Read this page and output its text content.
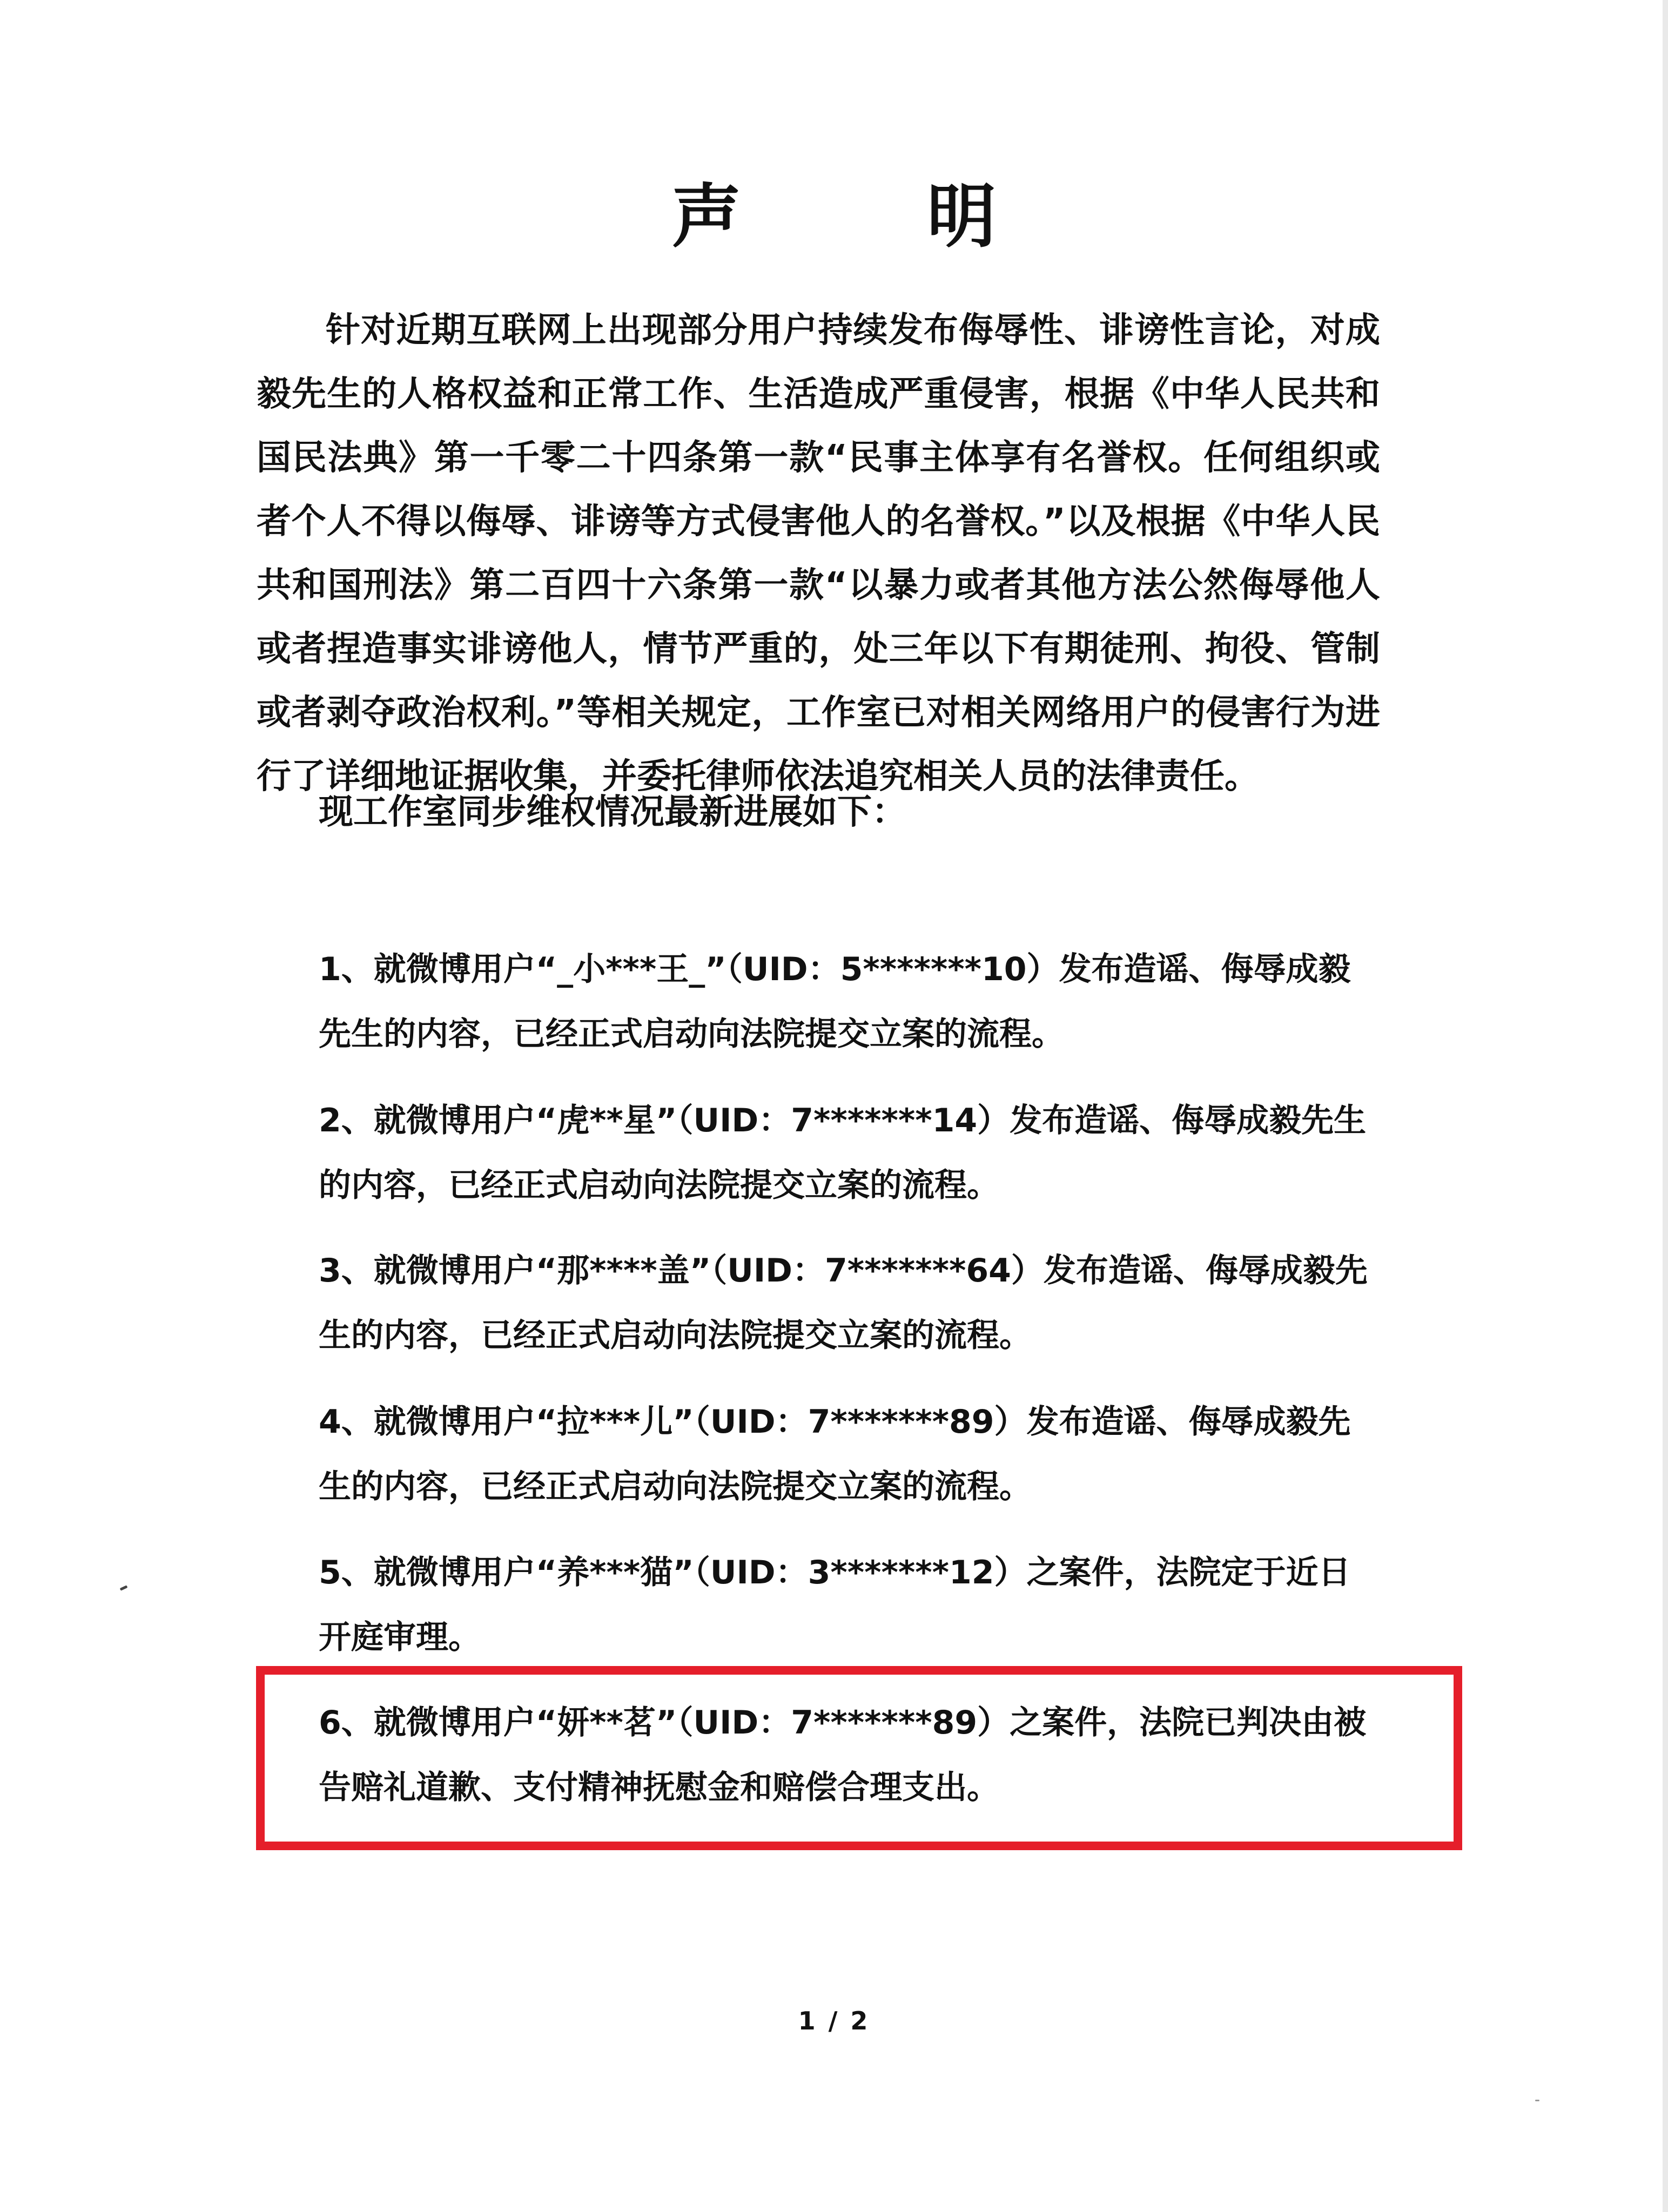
声 明

针对近期互联网上出现部分用户持续发布侮辱性、诽谤性言论，对成毅先生的人格权益和正常工作、生活造成严重侵害，根据《中华人民共和国民法典》第一千零二十四条第一款“民事主体享有名誉权。任何组织或者个人不得以侮辱、诽谤等方式侵害他人的名誉权。”以及根据《中华人民共和国刑法》第二百四十六条第一款“以暴力或者其他方法公然侮辱他人或者捏造事实诽谤他人，情节严重的，处三年以下有期徒刑、拘役、管制或者剥夺政治权利。”等相关规定，工作室已对相关网络用户的侵害行为进行了详细地证据收集，并委托律师依法追究相关人员的法律责任。

现工作室同步维权情况最新进展如下：

1、就微博用户“_小***王_”（UID：5*******10）发布造谣、侮辱成毅先生的内容，已经正式启动向法院提交立案的流程。

2、就微博用户“虎**星”（UID：7*******14）发布造谣、侮辱成毅先生的内容，已经正式启动向法院提交立案的流程。

3、就微博用户“那****盖”（UID：7*******64）发布造谣、侮辱成毅先生的内容，已经正式启动向法院提交立案的流程。

4、就微博用户“拉***儿”（UID：7*******89）发布造谣、侮辱成毅先生的内容，已经正式启动向法院提交立案的流程。

5、就微博用户“养***猫”（UID：3*******12）之案件，法院定于近日开庭审理。

6、就微博用户“妍**茗”（UID：7*******89）之案件，法院已判决由被告赔礼道歉、支付精神抚慰金和赔偿合理支出。

1 / 2
